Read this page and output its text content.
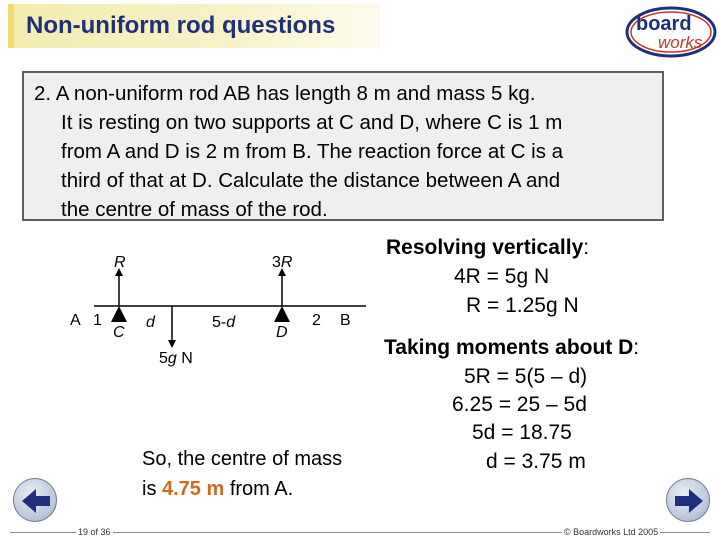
Non-uniform rod questions	board
works
2. A non-uniform rod AB has length 8 m and mass 5 kg.
It is resting on two supports at C and D, where C is 1 m
from A and D is 2 m from B. The reaction force at C is a
third of that at D. Calculate the distance between A and
the centre of mass of the rod.
R	3R
A 1
C
d	5-d
D
2 B
5g N
Resolving vertically:
4R = 5g N
R = 1.25g N
Taking moments about D:
5R = 5(5 – d)
6.25 = 25 – 5d
5d = 18.75
d = 3.75 m
So, the centre of mass
is 4.75 m from A.
19 of 36	© Boardworks Ltd 2005
